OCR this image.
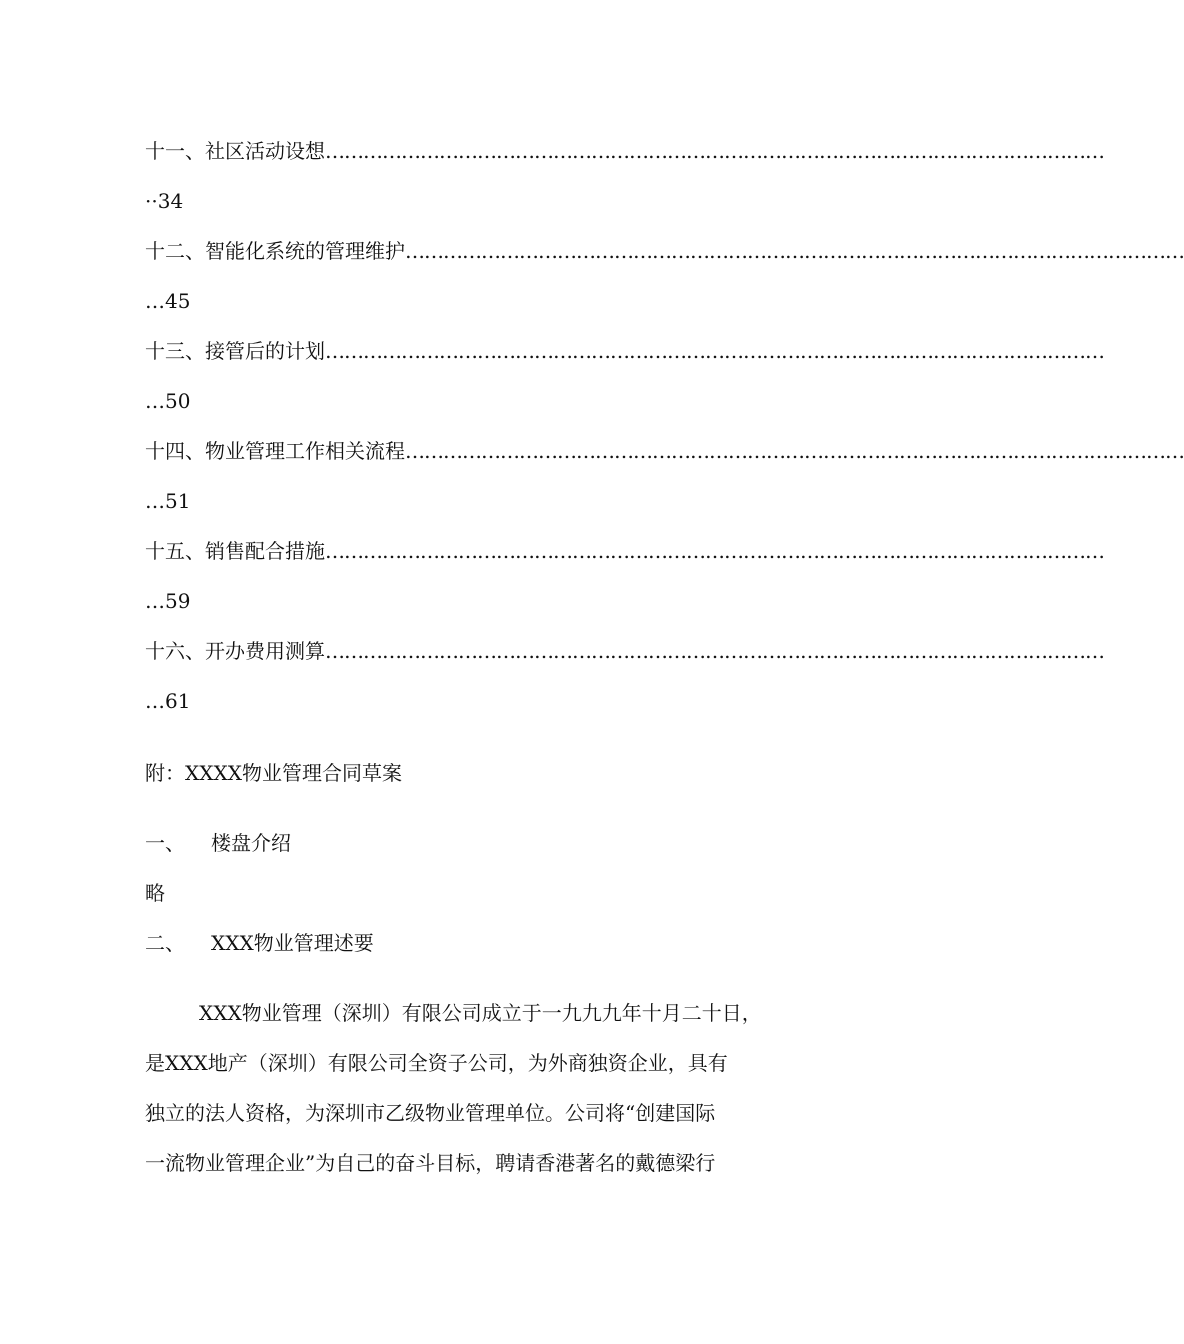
十一、社区活动设想 ……………………………………………………………………………………………………………
··34
十二、智能化系统的管理维护 ……………………………………………………………………………………………………………
…45
十三、接管后的计划 ……………………………………………………………………………………………………………
…50
十四、物业管理工作相关流程 ……………………………………………………………………………………………………………
…51
十五、销售配合措施 ……………………………………………………………………………………………………………
…59
十六、开办费用测算 ……………………………………………………………………………………………………………
…61
附：XXXX物业管理合同草案
一、 楼盘介绍
略
二、 XXX物业管理述要
XXX物业管理（深圳）有限公司成立于一九九九年十月二十日，
是XXX地产（深圳）有限公司全资子公司，为外商独资企业，具有
独立的法人资格，为深圳市乙级物业管理单位。公司将“创建国际
一流物业管理企业”为自己的奋斗目标，聘请香港著名的戴德梁行
